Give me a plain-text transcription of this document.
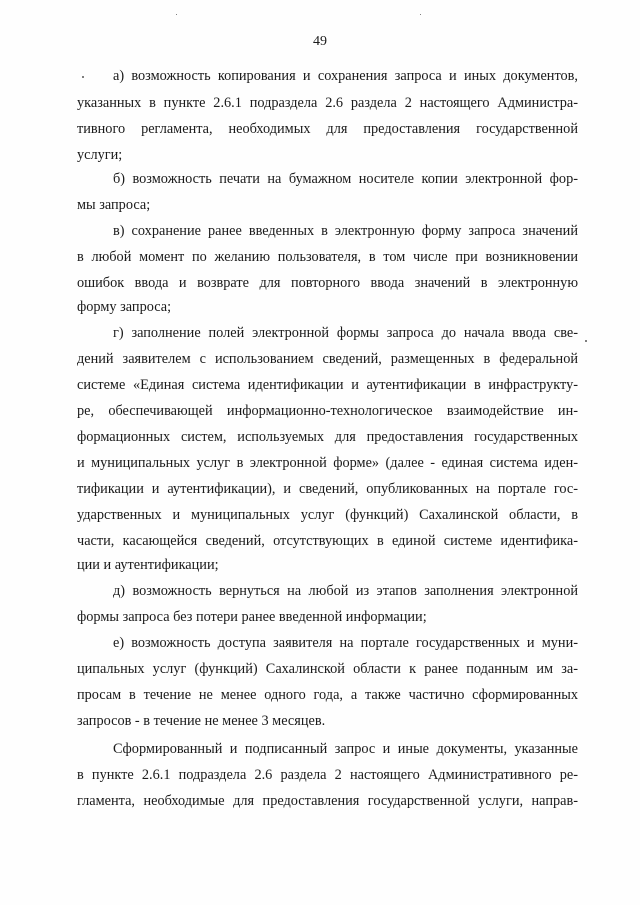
49
а) возможность копирования и сохранения запроса и иных документов,
указанных в пункте 2.6.1 подраздела 2.6 раздела 2 настоящего Администра-
тивного регламента, необходимых для предоставления государственной
услуги;
б) возможность печати на бумажном носителе копии электронной фор-
мы запроса;
в) сохранение ранее введенных в электронную форму запроса значений
в любой момент по желанию пользователя, в том числе при возникновении
ошибок ввода и возврате для повторного ввода значений в электронную
форму запроса;
г) заполнение полей электронной формы запроса до начала ввода све-
дений заявителем с использованием сведений, размещенных в федеральной
системе «Единая система идентификации и аутентификации в инфраструкту-
ре, обеспечивающей информационно-технологическое взаимодействие ин-
формационных систем, используемых для предоставления государственных
и муниципальных услуг в электронной форме» (далее - единая система иден-
тификации и аутентификации), и сведений, опубликованных на портале гос-
ударственных и муниципальных услуг (функций) Сахалинской области, в
части, касающейся сведений, отсутствующих в единой системе идентифика-
ции и аутентификации;
д) возможность вернуться на любой из этапов заполнения электронной
формы запроса без потери ранее введенной информации;
е) возможность доступа заявителя на портале государственных и муни-
ципальных услуг (функций) Сахалинской области к ранее поданным им за-
просам в течение не менее одного года, а также частично сформированных
запросов - в течение не менее 3 месяцев.
Сформированный и подписанный запрос и иные документы, указанные
в пункте 2.6.1 подраздела 2.6 раздела 2 настоящего Административного ре-
гламента, необходимые для предоставления государственной услуги, направ-
